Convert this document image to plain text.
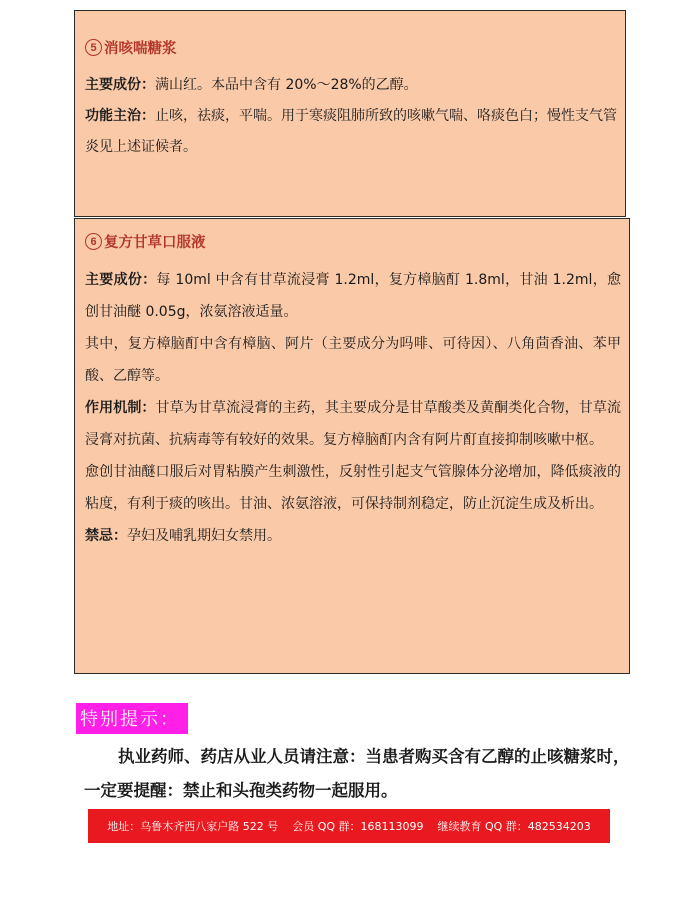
5 消咳喘糖浆

主要成份：满山红。本品中含有 20%～28%的乙醇。

功能主治：止咳，祛痰，平喘。用于寒痰阻肺所致的咳嗽气喘、咯痰色白；慢性支气管炎见上述证候者。

6 复方甘草口服液

主要成份：每 10ml 中含有甘草流浸膏 1.2ml，复方樟脑酊 1.8ml，甘油 1.2ml，愈创甘油醚 0.05g，浓氨溶液适量。

其中，复方樟脑酊中含有樟脑、阿片（主要成分为吗啡、可待因）、八角茴香油、苯甲酸、乙醇等。

作用机制：甘草为甘草流浸膏的主药，其主要成分是甘草酸类及黄酮类化合物，甘草流浸膏对抗菌、抗病毒等有较好的效果。复方樟脑酊内含有阿片酊直接抑制咳嗽中枢。

愈创甘油醚口服后对胃粘膜产生刺激性，反射性引起支气管腺体分泌增加，降低痰液的粘度，有利于痰的咳出。甘油、浓氨溶液，可保持制剂稳定，防止沉淀生成及析出。

禁忌：孕妇及哺乳期妇女禁用。

特别提示：

执业药师、药店从业人员请注意：当患者购买含有乙醇的止咳糖浆时，一定要提醒：禁止和头孢类药物一起服用。

地址：乌鲁木齐西八家户路 522 号 会员 QQ 群：168113099 继续教育 QQ 群：482534203
